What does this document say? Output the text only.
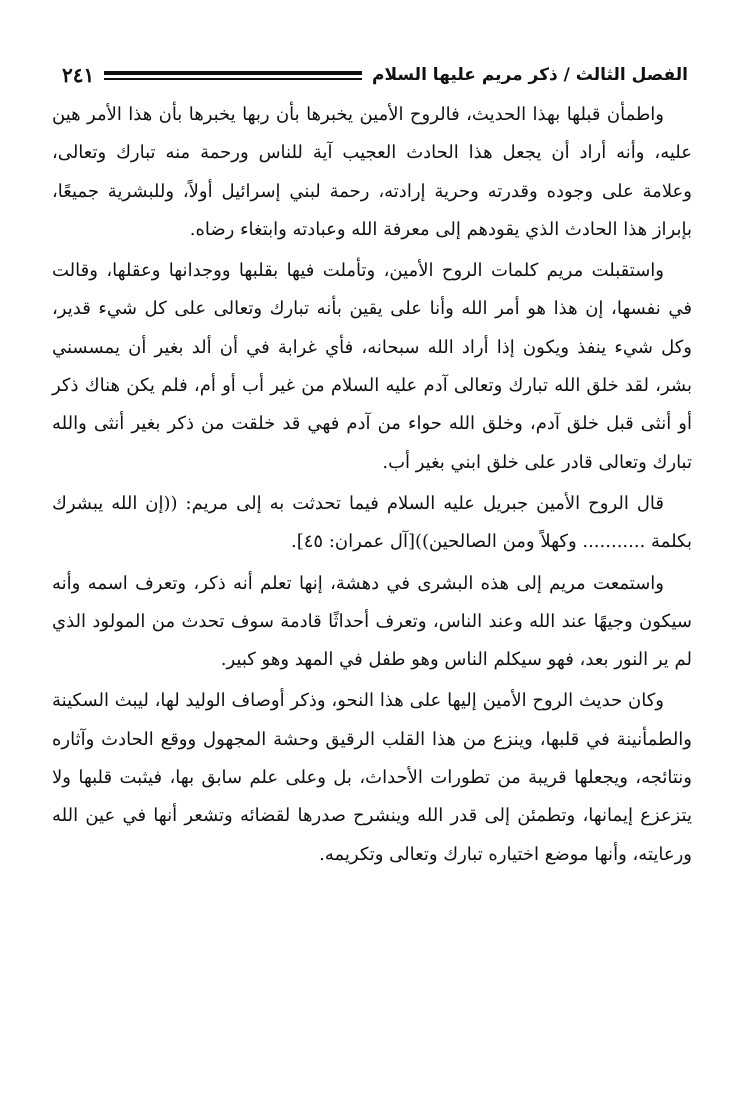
الفصل الثالث / ذكر مريم عليها السلام
٢٤١

واطمأن قبلها بهذا الحديث، فالروح الأمين يخبرها بأن ربها يخبرها بأن هذا الأمر هين عليه، وأنه أراد أن يجعل هذا الحادث العجيب آية للناس ورحمة منه تبارك وتعالى، وعلامة على وجوده وقدرته وحرية إرادته، رحمة لبني إسرائيل أولاً، وللبشرية جميعًا، بإبراز هذا الحادث الذي يقودهم إلى معرفة الله وعبادته وابتغاء رضاه.

واستقبلت مريم كلمات الروح الأمين، وتأملت فيها بقلبها ووجدانها وعقلها، وقالت في نفسها، إن هذا هو أمر الله وأنا على يقين بأنه تبارك وتعالى على كل شيء قدير، وكل شيء ينفذ ويكون إذا أراد الله سبحانه، فأي غرابة في أن ألد بغير أن يمسسني بشر، لقد خلق الله تبارك وتعالى آدم عليه السلام من غير أب أو أم، فلم يكن هناك ذكر أو أنثى قبل خلق آدم، وخلق الله حواء من آدم فهي قد خلقت من ذكر بغير أنثى والله تبارك وتعالى قادر على خلق ابني بغير أب.

قال الروح الأمين جبريل عليه السلام فيما تحدثت به إلى مريم: ((إن الله يبشرك بكلمة ........... وكهلاً ومن الصالحين))[آل عمران: ٤٥].

واستمعت مريم إلى هذه البشرى في دهشة، إنها تعلم أنه ذكر، وتعرف اسمه وأنه سيكون وجيهًا عند الله وعند الناس، وتعرف أحداثًا قادمة سوف تحدث من المولود الذي لم ير النور بعد، فهو سيكلم الناس وهو طفل في المهد وهو كبير.

وكان حديث الروح الأمين إليها على هذا النحو، وذكر أوصاف الوليد لها، ليبث السكينة والطمأنينة في قلبها، وينزع من هذا القلب الرقيق وحشة المجهول ووقع الحادث وآثاره ونتائجه، ويجعلها قريبة من تطورات الأحداث، بل وعلى علم سابق بها، فيثبت قلبها ولا يتزعزع إيمانها، وتطمئن إلى قدر الله وينشرح صدرها لقضائه وتشعر أنها في عين الله ورعايته، وأنها موضع اختياره تبارك وتعالى وتكريمه.
